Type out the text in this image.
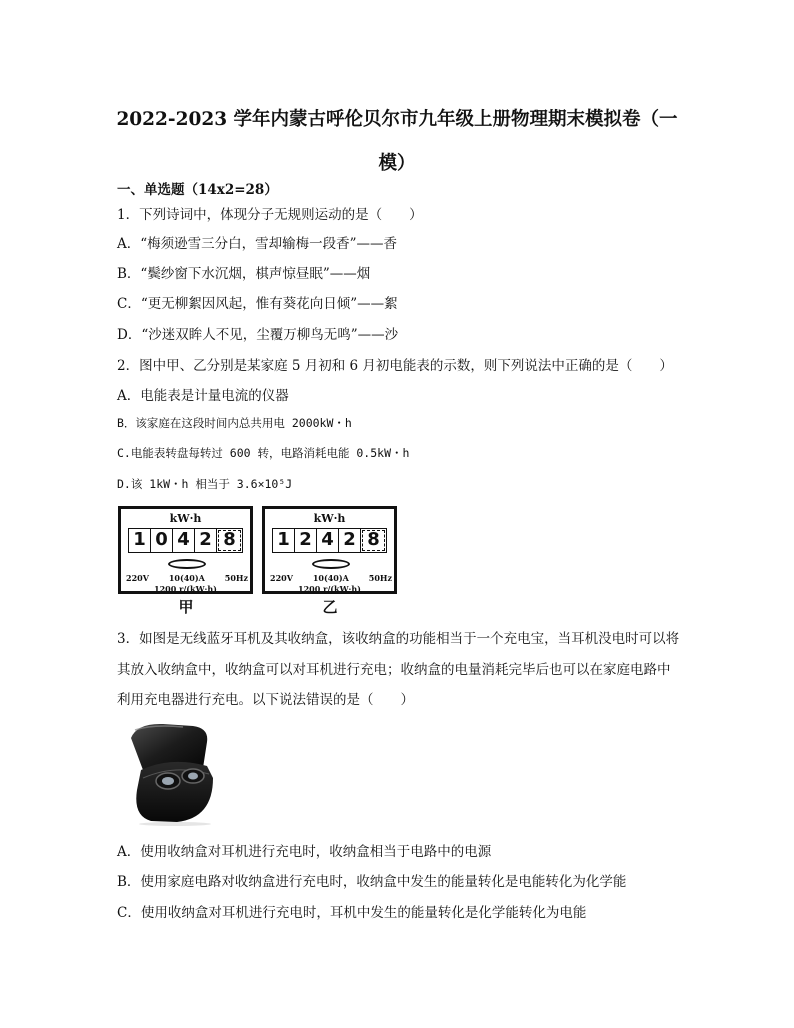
2022-2023 学年内蒙古呼伦贝尔市九年级上册物理期末模拟卷（一
模）
一、单选题（14x2=28）
1．下列诗词中，体现分子无规则运动的是（　　）
A．“梅须逊雪三分白，雪却输梅一段香”——香
B．“鬓纱窗下水沉烟，棋声惊昼眠”——烟
C．“更无柳絮因风起，惟有葵花向日倾”——絮
D．“沙迷双眸人不见，尘覆万柳鸟无鸣”——沙
2．图中甲、乙分别是某家庭 5 月初和 6 月初电能表的示数，则下列说法中正确的是（　　）
A．电能表是计量电流的仪器
B．该家庭在这段时间内总共用电 2000kW・h
C.电能表转盘每转过 600 转，电路消耗电能 0.5kW・h
D.该 1kW・h 相当于 3.6×10⁵J
kW·h
1 0 4 2 8
220V 10(40)A 50Hz
1200 r/(kW·h)
甲
kW·h
1 2 4 2 8
220V 10(40)A 50Hz
1200 r/(kW·h)
乙
3．如图是无线蓝牙耳机及其收纳盒，该收纳盒的功能相当于一个充电宝，当耳机没电时可以将
其放入收纳盒中，收纳盒可以对耳机进行充电；收纳盒的电量消耗完毕后也可以在家庭电路中
利用充电器进行充电。以下说法错误的是（　　）
A．使用收纳盒对耳机进行充电时，收纳盒相当于电路中的电源
B．使用家庭电路对收纳盒进行充电时，收纳盒中发生的能量转化是电能转化为化学能
C．使用收纳盒对耳机进行充电时，耳机中发生的能量转化是化学能转化为电能
